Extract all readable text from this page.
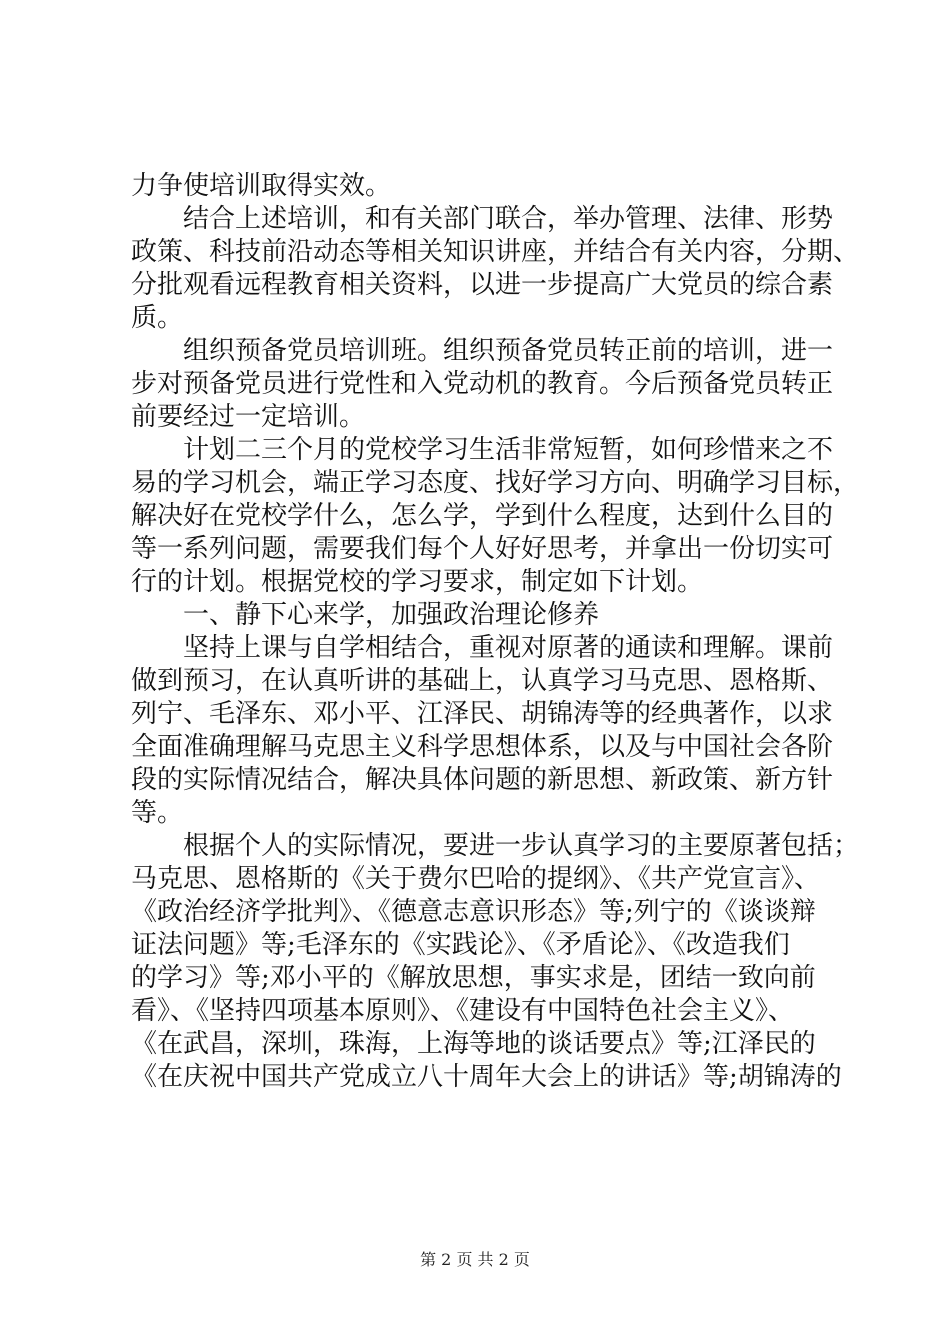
力争使培训取得实效。
结合上述培训，和有关部门联合，举办管理、法律、形势
政策、科技前沿动态等相关知识讲座，并结合有关内容，分期、
分批观看远程教育相关资料，以进一步提高广大党员的综合素
质。
组织预备党员培训班。组织预备党员转正前的培训，进一
步对预备党员进行党性和入党动机的教育。今后预备党员转正
前要经过一定培训。
计划二三个月的党校学习生活非常短暂，如何珍惜来之不
易的学习机会，端正学习态度、找好学习方向、明确学习目标，
解决好在党校学什么，怎么学，学到什么程度，达到什么目的
等一系列问题，需要我们每个人好好思考，并拿出一份切实可
行的计划。根据党校的学习要求，制定如下计划。
一、静下心来学，加强政治理论修养
坚持上课与自学相结合，重视对原著的通读和理解。课前
做到预习，在认真听讲的基础上，认真学习马克思、恩格斯、
列宁、毛泽东、邓小平、江泽民、胡锦涛等的经典著作，以求
全面准确理解马克思主义科学思想体系，以及与中国社会各阶
段的实际情况结合，解决具体问题的新思想、新政策、新方针
等。
根据个人的实际情况，要进一步认真学习的主要原著包括；
马克思、恩格斯的《关于费尔巴哈的提纲》、《共产党宣言》、
《政治经济学批判》、《德意志意识形态》等;列宁的《谈谈辩
证法问题》等;毛泽东的《实践论》、《矛盾论》、《改造我们
的学习》等;邓小平的《解放思想，事实求是，团结一致向前
看》、《坚持四项基本原则》、《建设有中国特色社会主义》、
《在武昌，深圳，珠海，上海等地的谈话要点》等;江泽民的
《在庆祝中国共产党成立八十周年大会上的讲话》等;胡锦涛的
第 2 页 共 2 页
